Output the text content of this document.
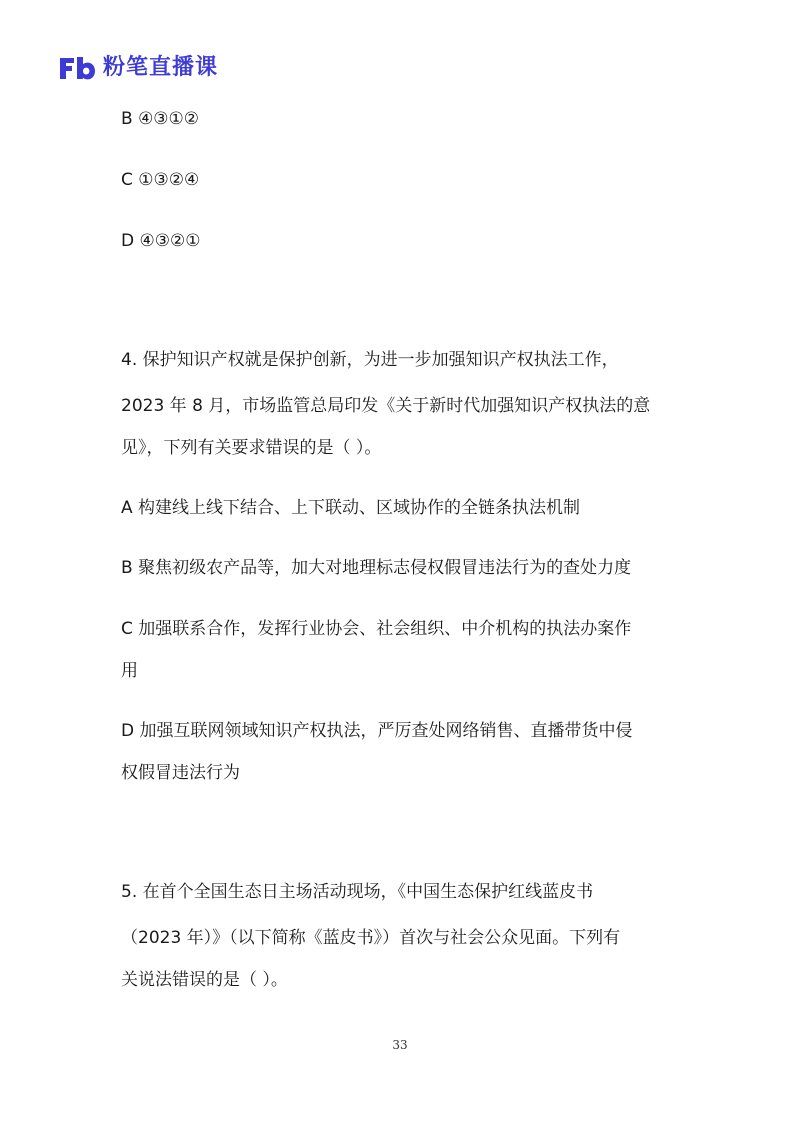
粉笔直播课
B ④③①②
C ①③②④
D ④③②①
4. 保护知识产权就是保护创新，为进一步加强知识产权执法工作，
2023 年 8 月，市场监管总局印发《关于新时代加强知识产权执法的意
见》，下列有关要求错误的是（ ）。
A 构建线上线下结合、上下联动、区域协作的全链条执法机制
B 聚焦初级农产品等，加大对地理标志侵权假冒违法行为的查处力度
C 加强联系合作，发挥行业协会、社会组织、中介机构的执法办案作
用
D 加强互联网领域知识产权执法，严厉查处网络销售、直播带货中侵
权假冒违法行为
5. 在首个全国生态日主场活动现场，《中国生态保护红线蓝皮书
（2023 年）》（以下简称《蓝皮书》）首次与社会公众见面。下列有
关说法错误的是（ ）。
33
